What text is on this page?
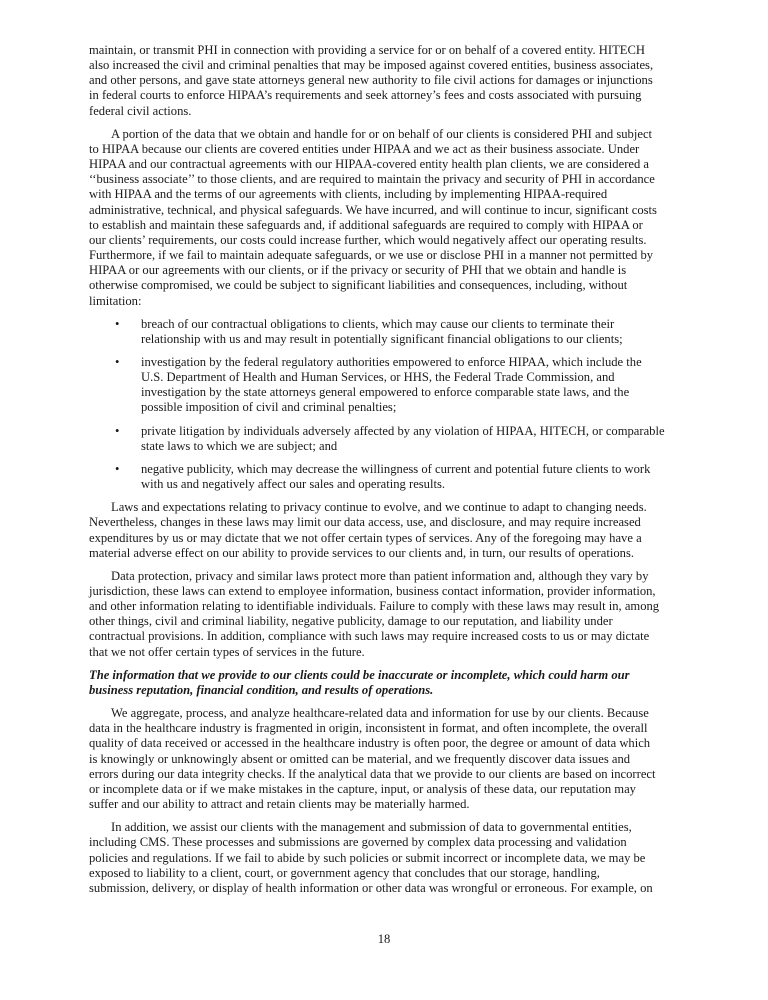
maintain, or transmit PHI in connection with providing a service for or on behalf of a covered entity. HITECH
also increased the civil and criminal penalties that may be imposed against covered entities, business associates,
and other persons, and gave state attorneys general new authority to file civil actions for damages or injunctions
in federal courts to enforce HIPAA’s requirements and seek attorney’s fees and costs associated with pursuing
federal civil actions.
A portion of the data that we obtain and handle for or on behalf of our clients is considered PHI and subject
to HIPAA because our clients are covered entities under HIPAA and we act as their business associate. Under
HIPAA and our contractual agreements with our HIPAA-covered entity health plan clients, we are considered a
‘‘business associate’’ to those clients, and are required to maintain the privacy and security of PHI in accordance
with HIPAA and the terms of our agreements with clients, including by implementing HIPAA-required
administrative, technical, and physical safeguards. We have incurred, and will continue to incur, significant costs
to establish and maintain these safeguards and, if additional safeguards are required to comply with HIPAA or
our clients’ requirements, our costs could increase further, which would negatively affect our operating results.
Furthermore, if we fail to maintain adequate safeguards, or we use or disclose PHI in a manner not permitted by
HIPAA or our agreements with our clients, or if the privacy or security of PHI that we obtain and handle is
otherwise compromised, we could be subject to significant liabilities and consequences, including, without
limitation:
• breach of our contractual obligations to clients, which may cause our clients to terminate their
relationship with us and may result in potentially significant financial obligations to our clients;
• investigation by the federal regulatory authorities empowered to enforce HIPAA, which include the
U.S. Department of Health and Human Services, or HHS, the Federal Trade Commission, and
investigation by the state attorneys general empowered to enforce comparable state laws, and the
possible imposition of civil and criminal penalties;
• private litigation by individuals adversely affected by any violation of HIPAA, HITECH, or comparable
state laws to which we are subject; and
• negative publicity, which may decrease the willingness of current and potential future clients to work
with us and negatively affect our sales and operating results.
Laws and expectations relating to privacy continue to evolve, and we continue to adapt to changing needs.
Nevertheless, changes in these laws may limit our data access, use, and disclosure, and may require increased
expenditures by us or may dictate that we not offer certain types of services. Any of the foregoing may have a
material adverse effect on our ability to provide services to our clients and, in turn, our results of operations.
Data protection, privacy and similar laws protect more than patient information and, although they vary by
jurisdiction, these laws can extend to employee information, business contact information, provider information,
and other information relating to identifiable individuals. Failure to comply with these laws may result in, among
other things, civil and criminal liability, negative publicity, damage to our reputation, and liability under
contractual provisions. In addition, compliance with such laws may require increased costs to us or may dictate
that we not offer certain types of services in the future.
The information that we provide to our clients could be inaccurate or incomplete, which could harm our
business reputation, financial condition, and results of operations.
We aggregate, process, and analyze healthcare-related data and information for use by our clients. Because
data in the healthcare industry is fragmented in origin, inconsistent in format, and often incomplete, the overall
quality of data received or accessed in the healthcare industry is often poor, the degree or amount of data which
is knowingly or unknowingly absent or omitted can be material, and we frequently discover data issues and
errors during our data integrity checks. If the analytical data that we provide to our clients are based on incorrect
or incomplete data or if we make mistakes in the capture, input, or analysis of these data, our reputation may
suffer and our ability to attract and retain clients may be materially harmed.
In addition, we assist our clients with the management and submission of data to governmental entities,
including CMS. These processes and submissions are governed by complex data processing and validation
policies and regulations. If we fail to abide by such policies or submit incorrect or incomplete data, we may be
exposed to liability to a client, court, or government agency that concludes that our storage, handling,
submission, delivery, or display of health information or other data was wrongful or erroneous. For example, on
18
